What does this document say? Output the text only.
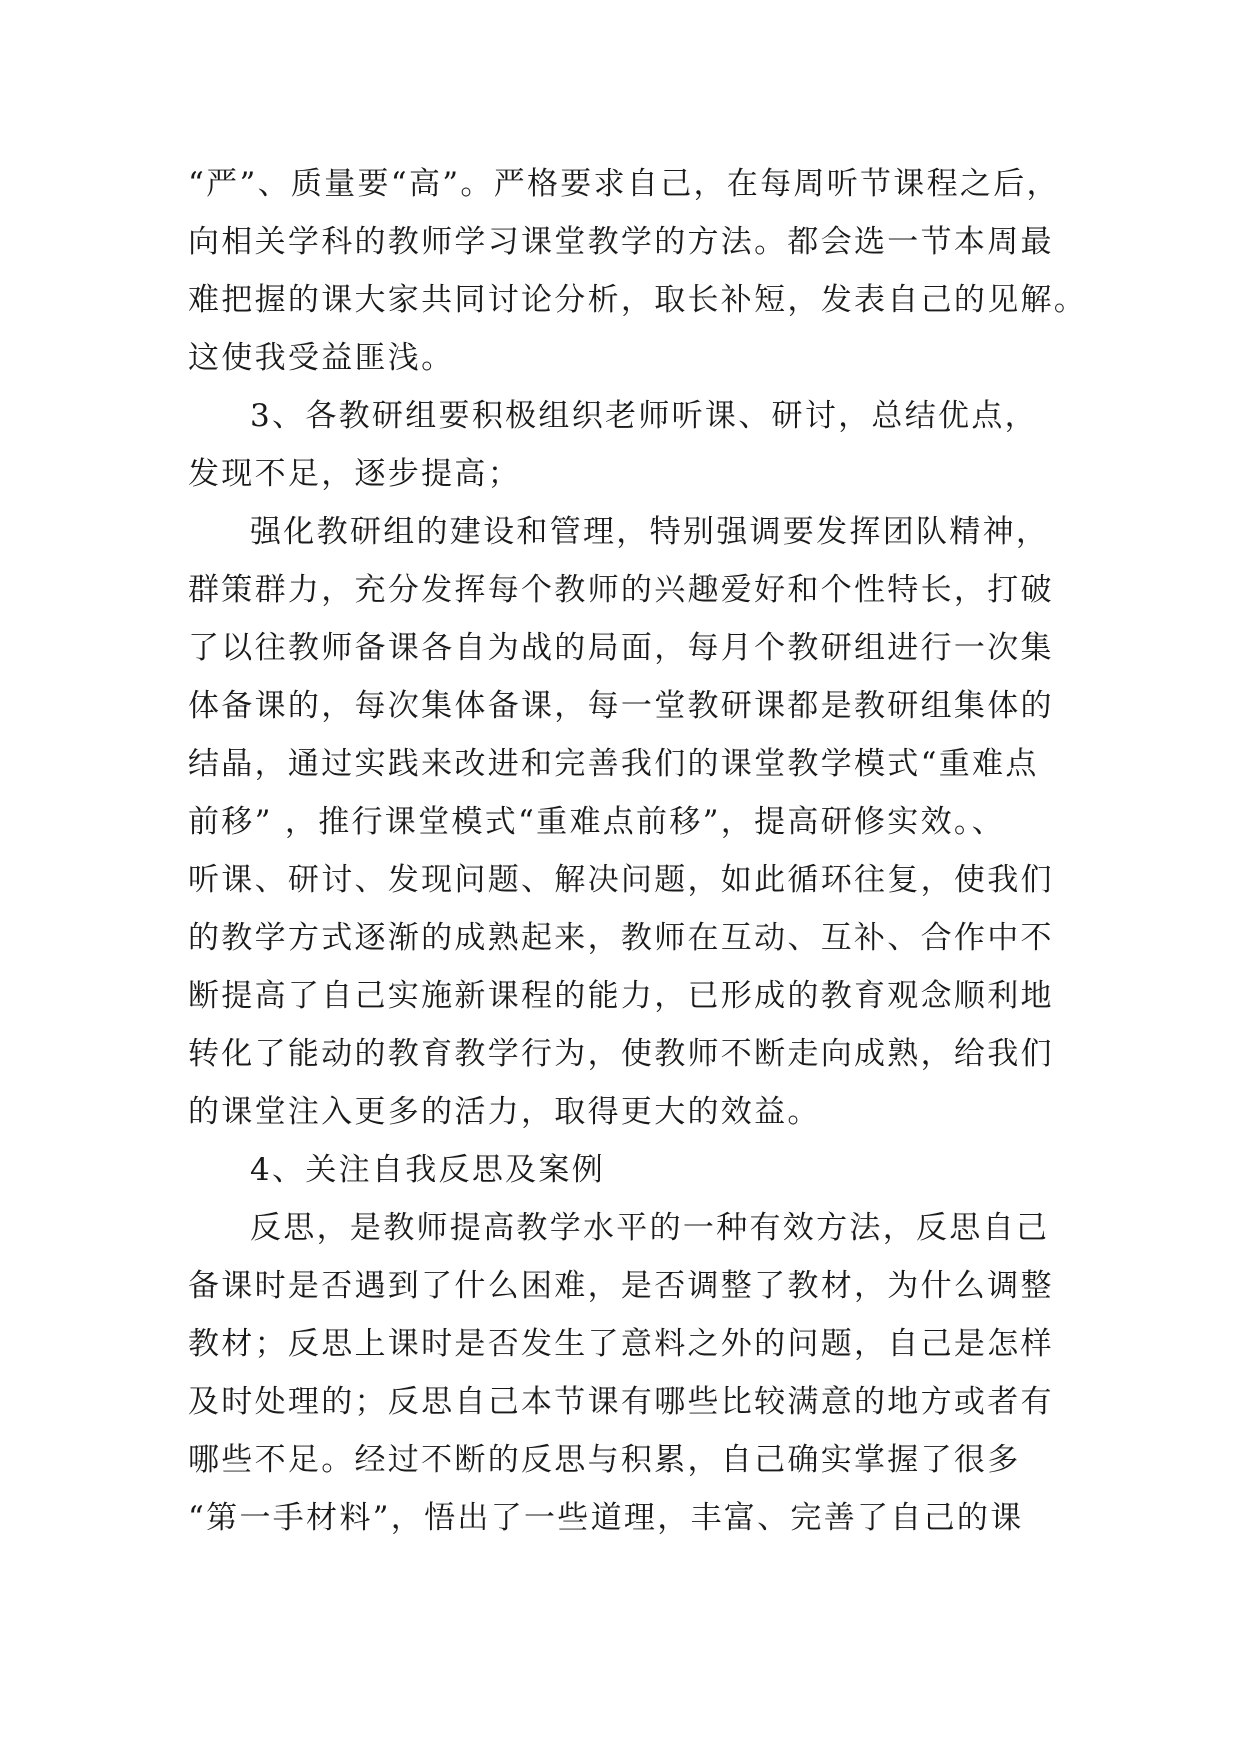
“严”、质量要“高”。严格要求自己，在每周听节课程之后，
向相关学科的教师学习课堂教学的方法。都会选一节本周最
难把握的课大家共同讨论分析，取长补短，发表自己的见解。
这使我受益匪浅。
3、各教研组要积极组织老师听课、研讨，总结优点，
发现不足，逐步提高；
强化教研组的建设和管理，特别强调要发挥团队精神，
群策群力，充分发挥每个教师的兴趣爱好和个性特长，打破
了以往教师备课各自为战的局面，每月个教研组进行一次集
体备课的，每次集体备课，每一堂教研课都是教研组集体的
结晶，通过实践来改进和完善我们的课堂教学模式“重难点
前移” ，推行课堂模式“重难点前移”，提高研修实效。、
听课、研讨、发现问题、解决问题，如此循环往复，使我们
的教学方式逐渐的成熟起来，教师在互动、互补、合作中不
断提高了自己实施新课程的能力，已形成的教育观念顺利地
转化了能动的教育教学行为，使教师不断走向成熟，给我们
的课堂注入更多的活力，取得更大的效益。
4、关注自我反思及案例
反思，是教师提高教学水平的一种有效方法，反思自己
备课时是否遇到了什么困难，是否调整了教材，为什么调整
教材；反思上课时是否发生了意料之外的问题，自己是怎样
及时处理的；反思自己本节课有哪些比较满意的地方或者有
哪些不足。经过不断的反思与积累，自己确实掌握了很多
“第一手材料”，悟出了一些道理，丰富、完善了自己的课
